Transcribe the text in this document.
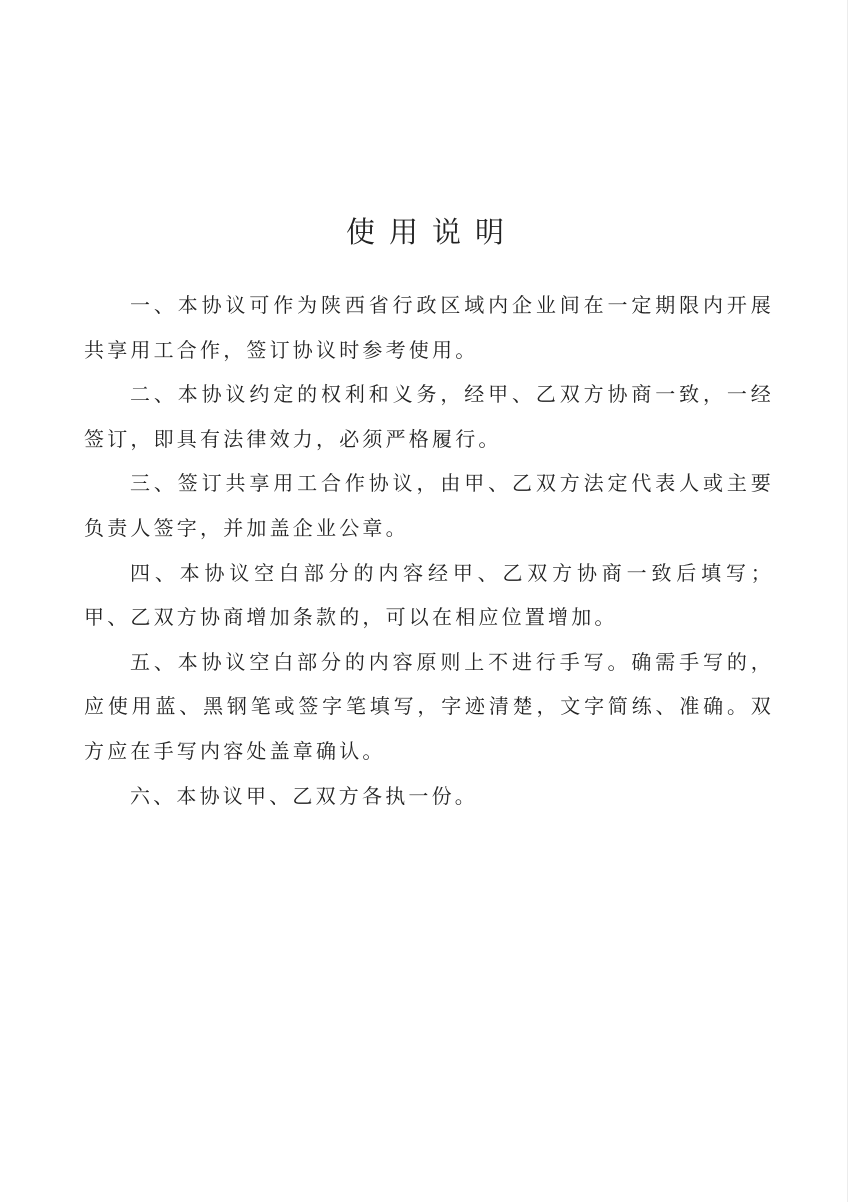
使用说明

一、本协议可作为陕西省行政区域内企业间在一定期限内开展共享用工合作，签订协议时参考使用。

二、本协议约定的权利和义务，经甲、乙双方协商一致，一经签订，即具有法律效力，必须严格履行。

三、签订共享用工合作协议，由甲、乙双方法定代表人或主要负责人签字，并加盖企业公章。

四、本协议空白部分的内容经甲、乙双方协商一致后填写；甲、乙双方协商增加条款的，可以在相应位置增加。

五、本协议空白部分的内容原则上不进行手写。确需手写的，应使用蓝、黑钢笔或签字笔填写，字迹清楚，文字简练、准确。双方应在手写内容处盖章确认。

六、本协议甲、乙双方各执一份。
